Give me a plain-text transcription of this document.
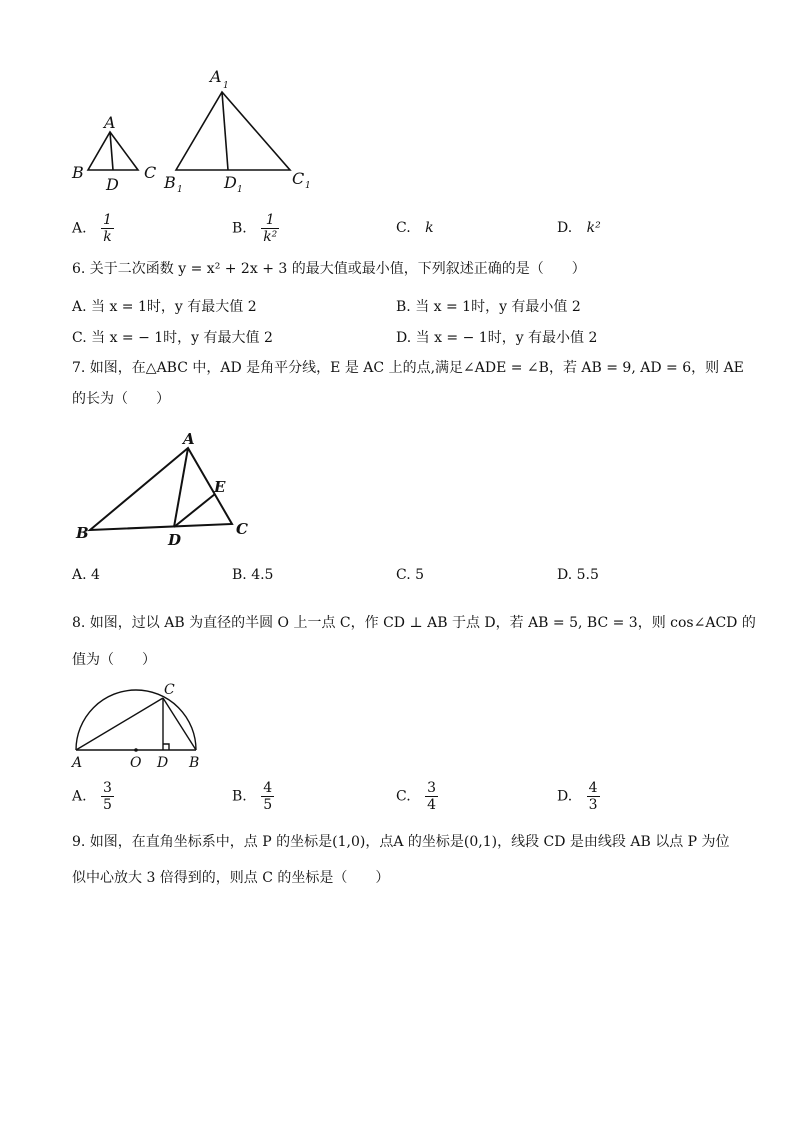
A
B
D
C
A 1
B 1	D 1
C 1
A. $\frac{1}{k}$	B. $\frac{1}{\text{k²}}$	C. k	D. k²
6. 关于二次函数 y = x² + 2x + 3 的最大值或最小值，下列叙述正确的是（　　）
A. 当 x = 1时，y 有最大值 2	B. 当 x = 1时，y 有最小值 2
C. 当 x = − 1时，y 有最大值 2	D. 当 x = − 1时，y 有最小值 2
7. 如图，在△ABC 中，AD 是角平分线，E 是 AC 上的点,满足∠ADE = ∠B，若 AB = 9, AD = 6，则 AE
的长为（　　）
A
B	D
C
E
A. 4	B. 4.5	C. 5	D. 5.5
8. 如图，过以 AB 为直径的半圆 O 上一点 C，作 CD ⊥ AB 于点 D，若 AB = 5, BC = 3，则 cos∠ACD 的
值为（　　）
C
A	O D B
A. $\frac{3}{5}$	B. $\frac{4}{5}$	C. $\frac{3}{4}$	D. $\frac{4}{3}$
9. 如图，在直角坐标系中，点 P 的坐标是(1,0)，点A 的坐标是(0,1)，线段 CD 是由线段 AB 以点 P 为位
似中心放大 3 倍得到的，则点 C 的坐标是（　　）
